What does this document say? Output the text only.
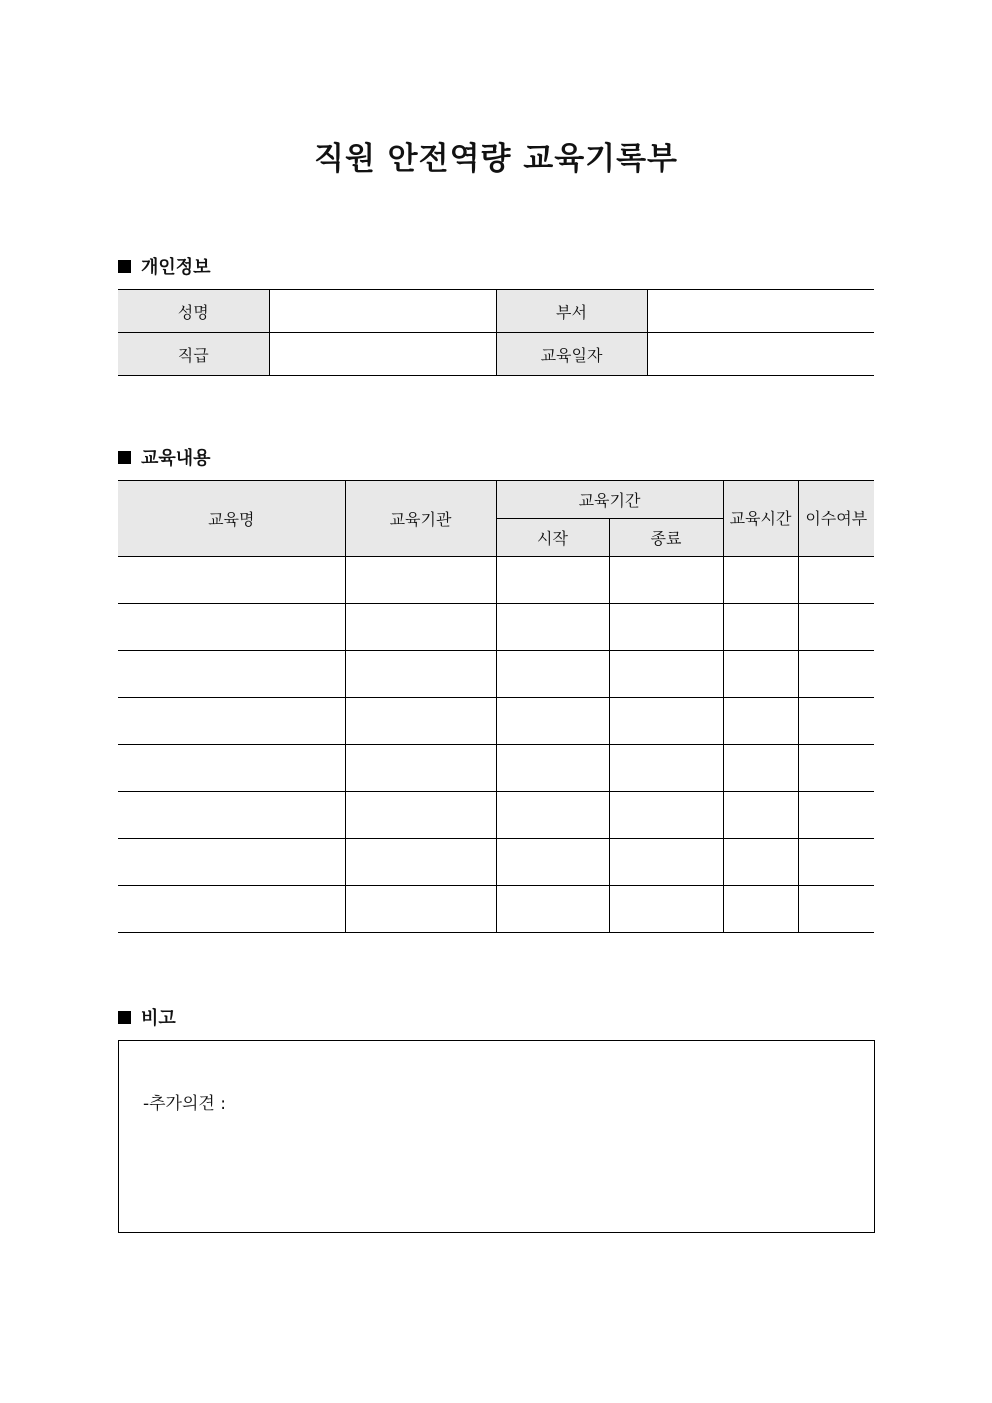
직원 안전역량 교육기록부
개인정보
성명		부서	
직급		교육일자	
교육내용
교육명	교육기관	교육기간		교육시간	이수여부
		시작	종료		

비고
-추가의견 :
